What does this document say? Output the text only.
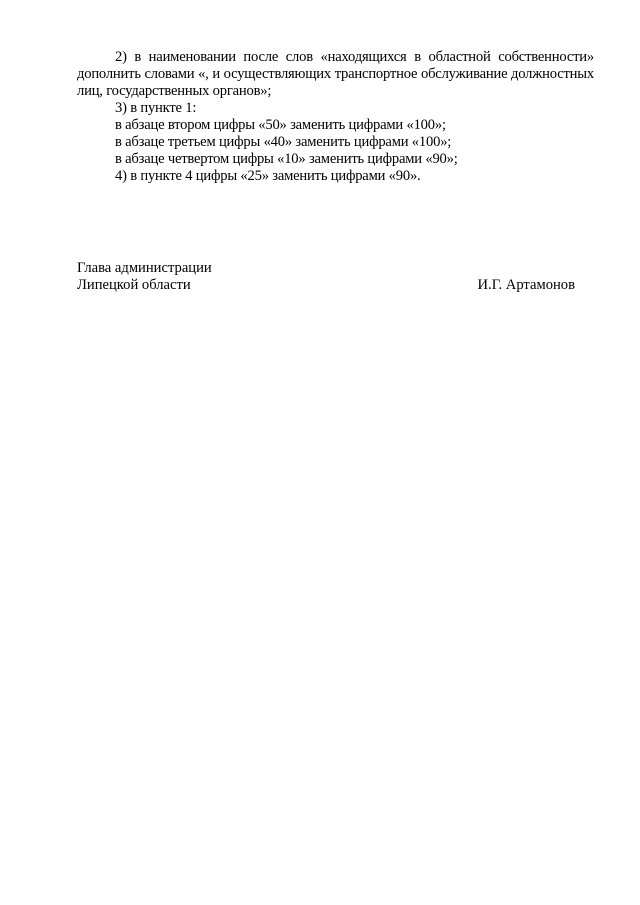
2) в наименовании после слов «находящихся в областной собственности» дополнить словами «, и осуществляющих транспортное обслуживание должностных лиц, государственных органов»;

3) в пункте 1:

в абзаце втором цифры «50» заменить цифрами «100»;

в абзаце третьем цифры «40» заменить цифрами «100»;

в абзаце четвертом цифры «10» заменить цифрами «90»;

4) в пункте 4 цифры «25» заменить цифрами «90».

Глава администрации
Липецкой области	И.Г. Артамонов
